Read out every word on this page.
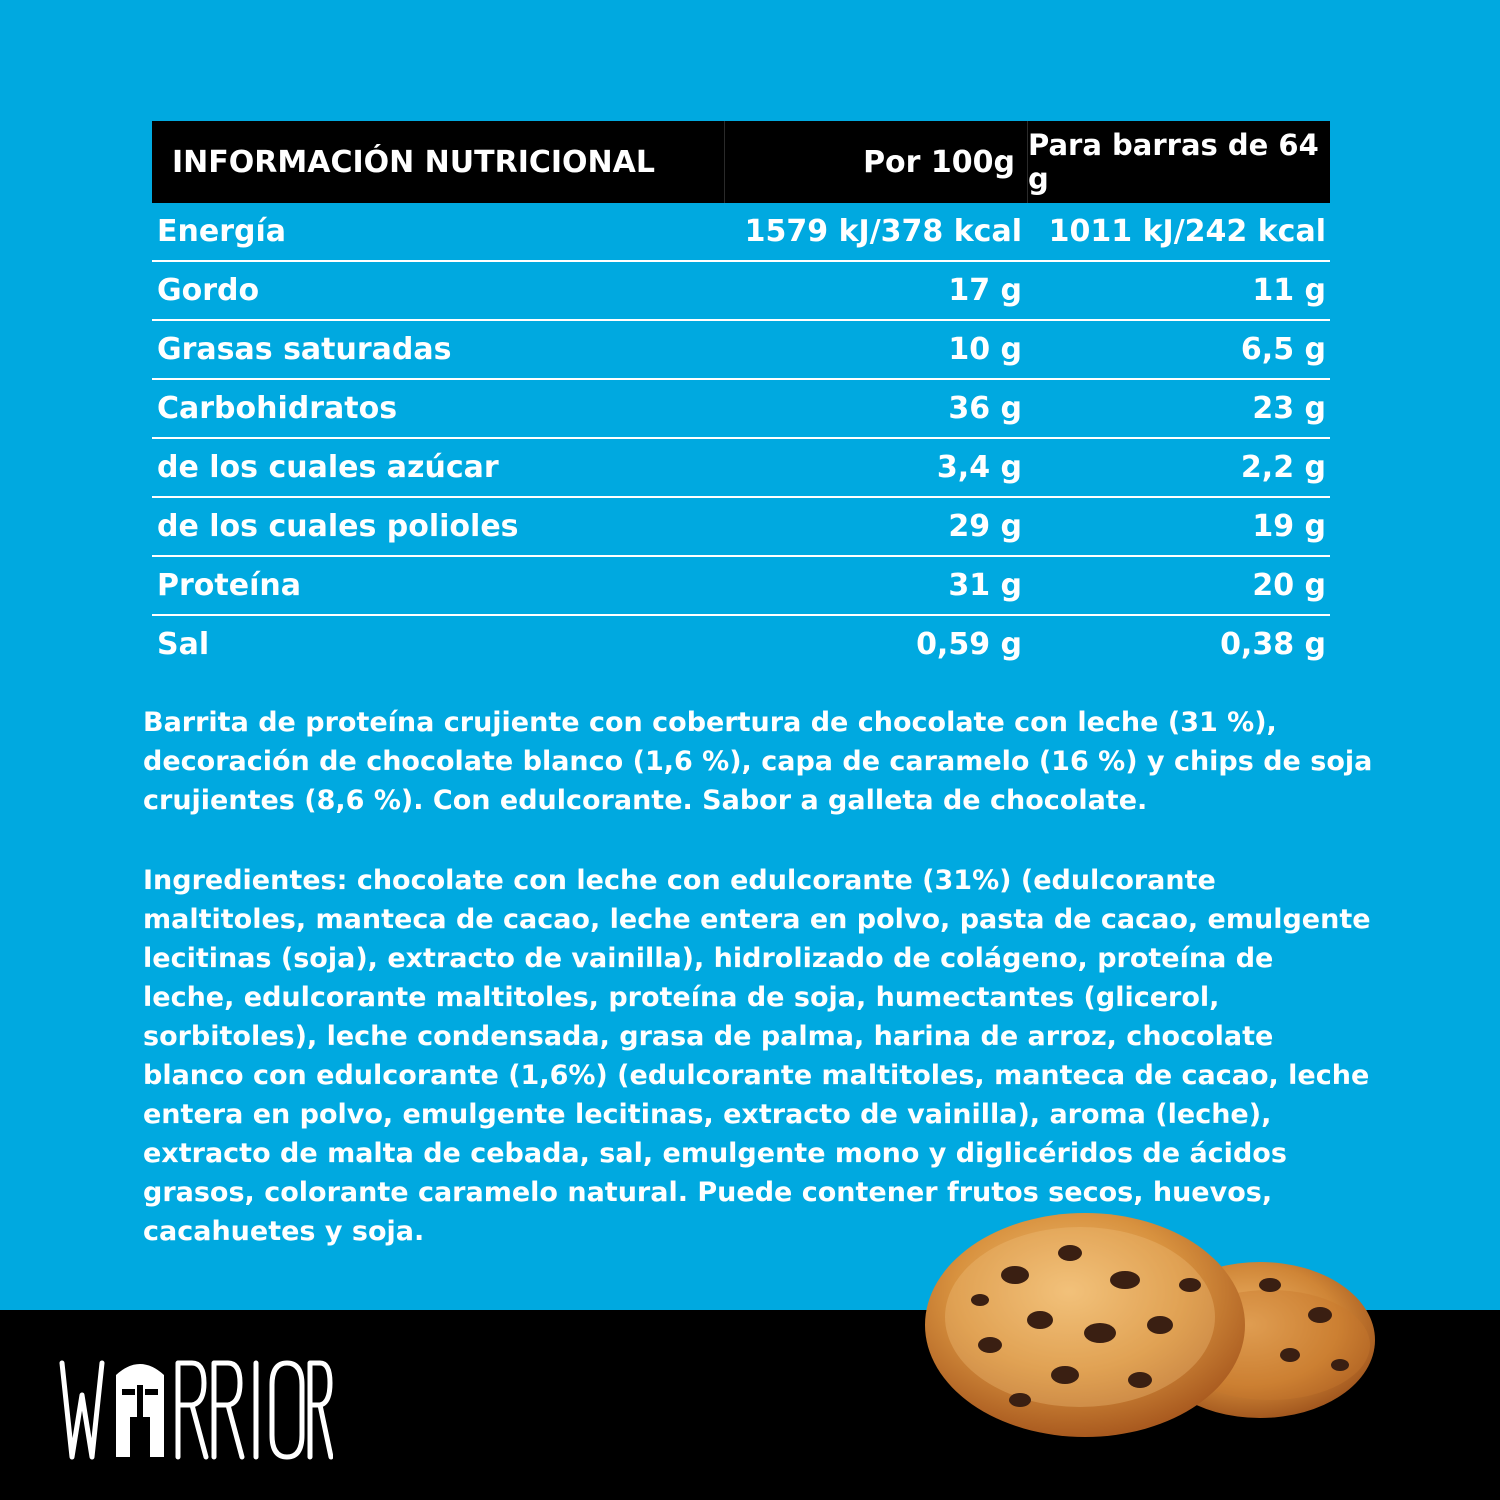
INFORMACIÓN NUTRICIONAL	Por 100g Para barras de 64 g
Energía	1579 kJ/378 kcal 1011 kJ/242 kcal
Gordo	17 g	11 g
Grasas saturadas	10 g	6,5 g
Carbohidratos	36 g	23 g
de los cuales azúcar	3,4 g	2,2 g
de los cuales polioles	29 g	19 g
Proteína	31 g	20 g
Sal	0,59 g	0,38 g

Barrita de proteína crujiente con cobertura de chocolate con leche (31 %), decoración de chocolate blanco (1,6 %), capa de caramelo (16 %) y chips de soja crujientes (8,6 %). Con edulcorante. Sabor a galleta de chocolate.

Ingredientes: chocolate con leche con edulcorante (31%) (edulcorante maltitoles, manteca de cacao, leche entera en polvo, pasta de cacao, emulgente lecitinas (soja), extracto de vainilla), hidrolizado de colágeno, proteína de leche, edulcorante maltitoles, proteína de soja, humectantes (glicerol, sorbitoles), leche condensada, grasa de palma, harina de arroz, chocolate blanco con edulcorante (1,6%) (edulcorante maltitoles, manteca de cacao, leche entera en polvo, emulgente lecitinas, extracto de vainilla), aroma (leche), extracto de malta de cebada, sal, emulgente mono y diglicéridos de ácidos grasos, colorante caramelo natural. Puede contener frutos secos, huevos, cacahuetes y soja.
